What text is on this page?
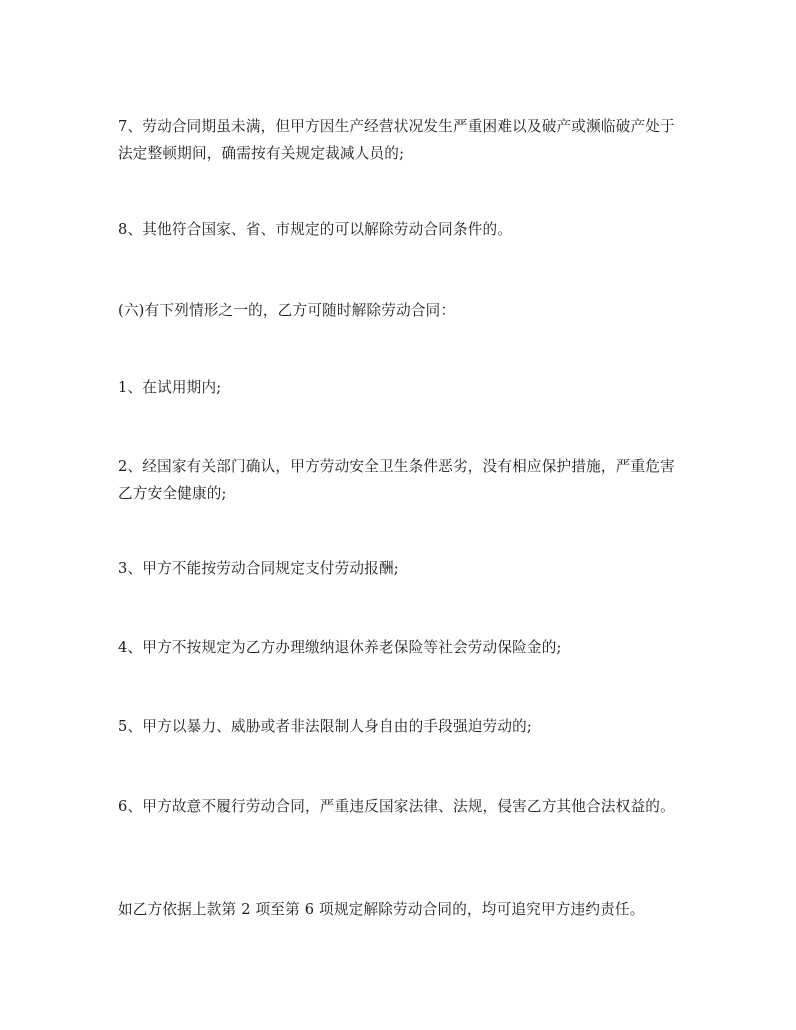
7、劳动合同期虽未满，但甲方因生产经营状况发生严重困难以及破产或濒临破产处于法定整顿期间，确需按有关规定裁减人员的;

8、其他符合国家、省、市规定的可以解除劳动合同条件的。

(六)有下列情形之一的，乙方可随时解除劳动合同：

1、在试用期内;

2、经国家有关部门确认，甲方劳动安全卫生条件恶劣，没有相应保护措施，严重危害乙方安全健康的;

3、甲方不能按劳动合同规定支付劳动报酬;

4、甲方不按规定为乙方办理缴纳退休养老保险等社会劳动保险金的;

5、甲方以暴力、威胁或者非法限制人身自由的手段强迫劳动的;

6、甲方故意不履行劳动合同，严重违反国家法律、法规，侵害乙方其他合法权益的。

如乙方依据上款第 2 项至第 6 项规定解除劳动合同的，均可追究甲方违约责任。
